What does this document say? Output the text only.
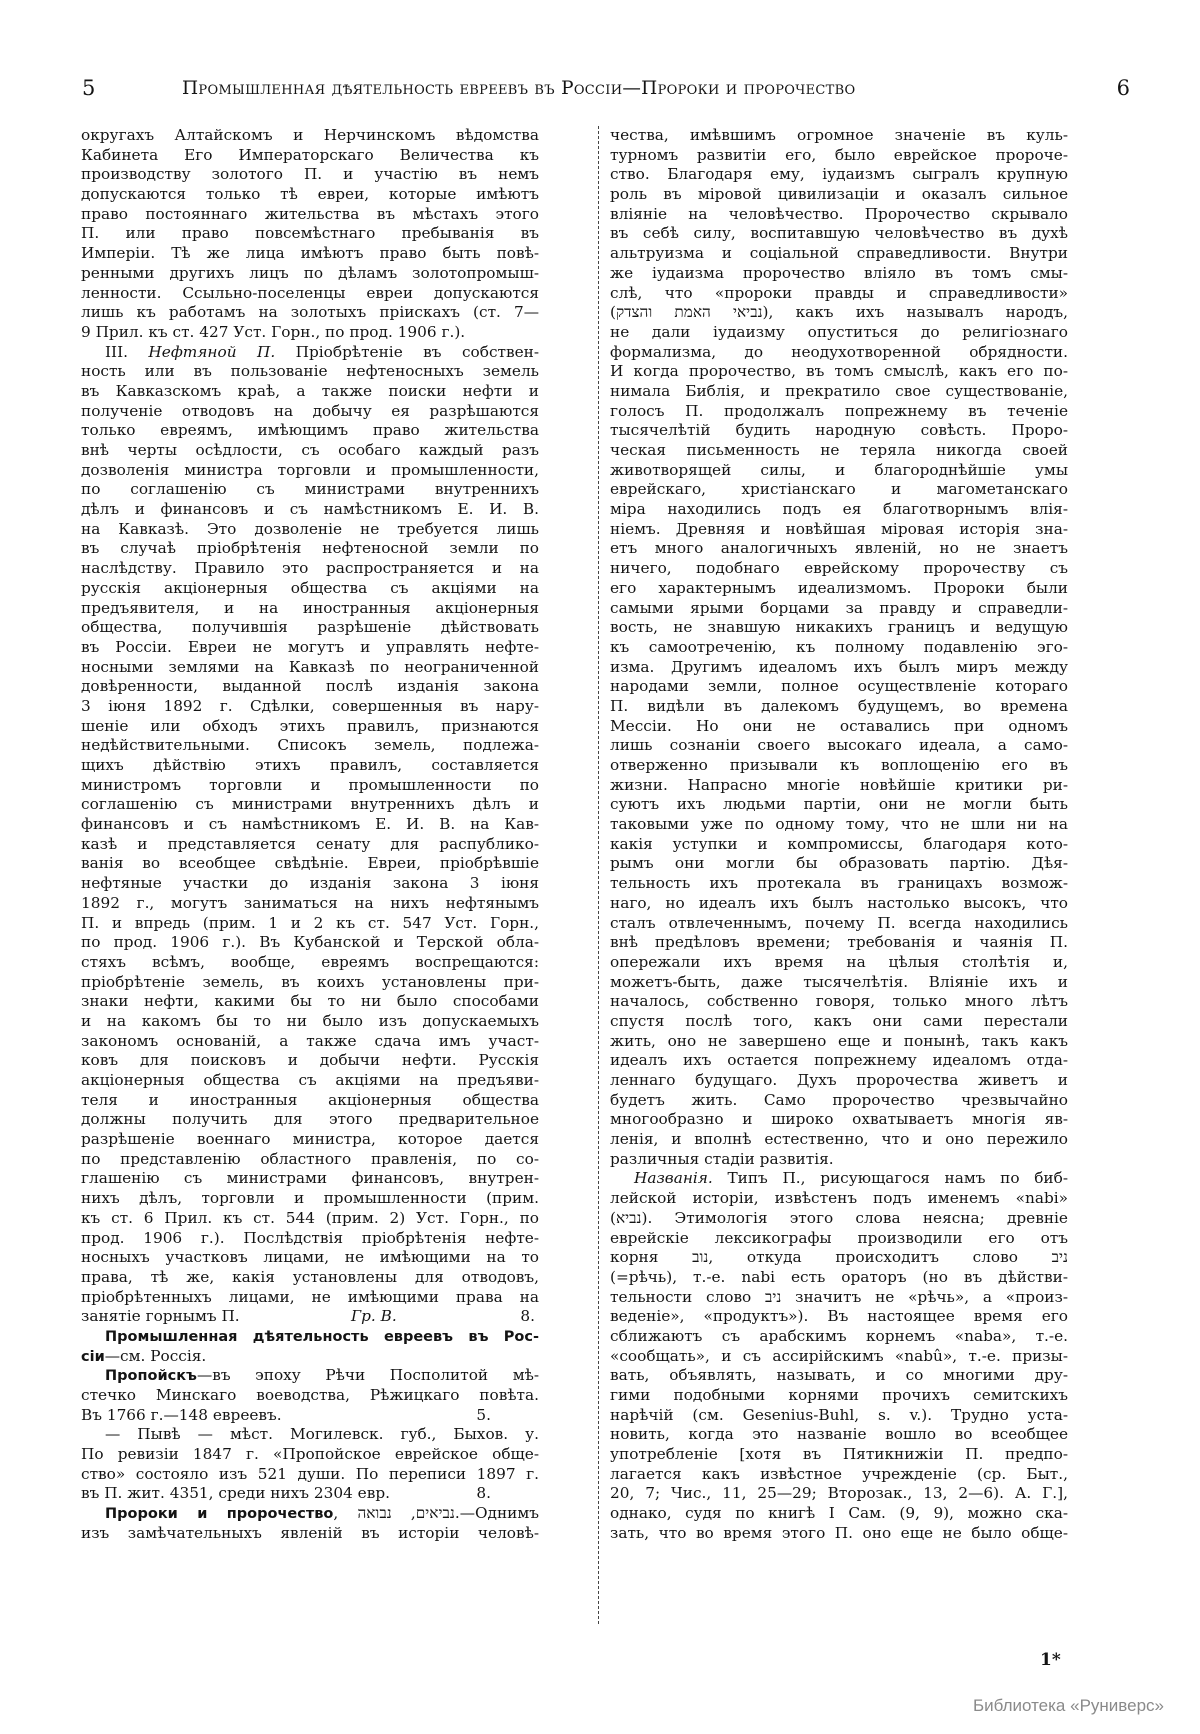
5	Промышленная дѣятельность евреевъ въ Россіи—Пророки и пророчество	6
округахъ Алтайскомъ и Нерчинскомъ вѣдомства
Кабинета Его Императорскаго Величества къ
производству золотого П. и участію въ немъ
допускаются только тѣ евреи, которые имѣютъ
право постояннаго жительства въ мѣстахъ этого
П. или право повсемѣстнаго пребыванія въ
Имперіи. Тѣ же лица имѣютъ право быть повѣ-
ренными другихъ лицъ по дѣламъ золотопромыш-
ленности. Ссыльно-поселенцы евреи допускаются
лишь къ работамъ на золотыхъ пріискахъ (ст. 7—
9 Прил. къ ст. 427 Уст. Горн., по прод. 1906 г.).
III. Нефтяной П. Пріобрѣтеніе въ собствен-
ность или въ пользованіе нефтеносныхъ земель
въ Кавказскомъ краѣ, а также поиски нефти и
полученіе отводовъ на добычу ея разрѣшаются
только евреямъ, имѣющимъ право жительства
внѣ черты осѣдлости, съ особаго каждый разъ
дозволенія министра торговли и промышленности,
по соглашенію съ министрами внутреннихъ
дѣлъ и финансовъ и съ намѣстникомъ Е. И. В.
на Кавказѣ. Это дозволеніе не требуется лишь
въ случаѣ пріобрѣтенія нефтеносной земли по
наслѣдству. Правило это распространяется и на
русскія акціонерныя общества съ акціями на
предъявителя, и на иностранныя акціонерныя
общества, получившія разрѣшеніе дѣйствовать
въ Россіи. Евреи не могутъ и управлять нефте-
носными землями на Кавказѣ по неограниченной
довѣренности, выданной послѣ изданія закона
3 іюня 1892 г. Сдѣлки, совершенныя въ нару-
шеніе или обходъ этихъ правилъ, признаются
недѣйствительными. Списокъ земель, подлежа-
щихъ дѣйствію этихъ правилъ, составляется
министромъ торговли и промышленности по
соглашенію съ министрами внутреннихъ дѣлъ и
финансовъ и съ намѣстникомъ Е. И. В. на Кав-
казѣ и представляется сенату для распублико-
ванія во всеобщее свѣдѣніе. Евреи, пріобрѣвшіе
нефтяные участки до изданія закона 3 іюня
1892 г., могутъ заниматься на нихъ нефтянымъ
П. и впредь (прим. 1 и 2 къ ст. 547 Уст. Горн.,
по прод. 1906 г.). Въ Кубанской и Терской обла-
стяхъ всѣмъ, вообще, евреямъ воспрещаются:
пріобрѣтеніе земель, въ коихъ установлены при-
знаки нефти, какими бы то ни было способами
и на какомъ бы то ни было изъ допускаемыхъ
закономъ основаній, а также сдача имъ участ-
ковъ для поисковъ и добычи нефти. Русскія
акціонерныя общества съ акціями на предъяви-
теля и иностранныя акціонерныя общества
должны получить для этого предварительное
разрѣшеніе военнаго министра, которое дается
по представленію областного правленія, по со-
глашенію съ министрами финансовъ, внутрен-
нихъ дѣлъ, торговли и промышленности (прим.
къ ст. 6 Прил. къ ст. 544 (прим. 2) Уст. Горн., по
прод. 1906 г.). Послѣдствія пріобрѣтенія нефте-
носныхъ участковъ лицами, не имѣющими на то
права, тѣ же, какія установлены для отводовъ,
пріобрѣтенныхъ лицами, не имѣющими права на
занятіе горнымъ П.	Гр. В.	8.
Промышленная дѣятельность евреевъ въ Рос-
сіи—см. Россія.
Пропойскъ—въ эпоху Рѣчи Посполитой мѣ-
стечко Минскаго воеводства, Рѣжицкаго повѣта.
Въ 1766 г.—148 евреевъ.	5.
— Пывѣ — мѣст. Могилевск. губ., Быхов. у.
По ревизіи 1847 г. «Пропойское еврейское обще-
ство» состояло изъ 521 души. По переписи 1897 г.
въ П. жит. 4351, среди нихъ 2304 евр.	8.
Пророки и пророчество, נביאים, נבואה.—Однимъ
изъ замѣчательныхъ явленій въ исторіи человѣ-
чества, имѣвшимъ огромное значеніе въ куль-
турномъ развитіи его, было еврейское пророче-
ство. Благодаря ему, іудаизмъ сыгралъ крупную
роль въ міровой цивилизаціи и оказалъ сильное
вліяніе на человѣчество. Пророчество скрывало
въ себѣ силу, воспитавшую человѣчество въ духѣ
альтруизма и соціальной справедливости. Внутри
же іудаизма пророчество вліяло въ томъ смы-
слѣ, что «пророки правды и справедливости»
(נביאי האמת והצדק), какъ ихъ называлъ народъ,
не дали іудаизму опуститься до религіознаго
формализма, до неодухотворенной обрядности.
И когда пророчество, въ томъ смыслѣ, какъ его по-
нимала Библія, и прекратило свое существованіе,
голосъ П. продолжалъ попрежнему въ теченіе
тысячелѣтій будить народную совѣсть. Проро-
ческая письменность не теряла никогда своей
животворящей силы, и благороднѣйшіе умы
еврейскаго, христіанскаго и магометанскаго
міра находились подъ ея благотворнымъ влія-
ніемъ. Древняя и новѣйшая міровая исторія зна-
етъ много аналогичныхъ явленій, но не знаетъ
ничего, подобнаго еврейскому пророчеству съ
его характернымъ идеализмомъ. Пророки были
самыми ярыми борцами за правду и справедли-
вость, не знавшую никакихъ границъ и ведущую
къ самоотреченію, къ полному подавленію эго-
изма. Другимъ идеаломъ ихъ былъ миръ между
народами земли, полное осуществленіе котораго
П. видѣли въ далекомъ будущемъ, во времена
Мессіи. Но они не оставались при одномъ
лишь сознаніи своего высокаго идеала, а само-
отверженно призывали къ воплощенію его въ
жизни. Напрасно многіе новѣйшіе критики ри-
суютъ ихъ людьми партіи, они не могли быть
таковыми уже по одному тому, что не шли ни на
какія уступки и компромиссы, благодаря кото-
рымъ они могли бы образовать партію. Дѣя-
тельность ихъ протекала въ границахъ возмож-
наго, но идеалъ ихъ былъ настолько высокъ, что
сталъ отвлеченнымъ, почему П. всегда находились
внѣ предѣловъ времени; требованія и чаянія П.
опережали ихъ время на цѣлыя столѣтія и,
можетъ-быть, даже тысячелѣтія. Вліяніе ихъ и
началось, собственно говоря, только много лѣтъ
спустя послѣ того, какъ они сами перестали
жить, оно не завершено еще и понынѣ, такъ какъ
идеалъ ихъ остается попрежнему идеаломъ отда-
леннаго будущаго. Духъ пророчества живетъ и
будетъ жить. Само пророчество чрезвычайно
многообразно и широко охватываетъ многія яв-
ленія, и вполнѣ естественно, что и оно пережило
различныя стадіи развитія.
Названія. Типъ П., рисующагося намъ по биб-
лейской исторіи, извѣстенъ подъ именемъ «nabi»
(נביא). Этимологія этого слова неясна; древніе
еврейскіе лексикографы производили его отъ
корня נוב, откуда происходитъ слово ניב
(=рѣчь), т.-е. nabi есть ораторъ (но въ дѣйстви-
тельности слово ניב значитъ не «рѣчь», а «произ-
веденіе», «продуктъ»). Въ настоящее время его
сближаютъ съ арабскимъ корнемъ «naba», т.-е.
«сообщать», и съ ассирійскимъ «nabû», т.-е. призы-
вать, объявлять, называть, и со многими дру-
гими подобными корнями прочихъ семитскихъ
нарѣчій (см. Gesenius-Buhl, s. v.). Трудно уста-
новить, когда это названіе вошло во всеобщее
употребленіе [хотя въ Пятикнижіи П. предпо-
лагается какъ извѣстное учрежденіе (ср. Быт.,
20, 7; Чис., 11, 25—29; Второзак., 13, 2—6). А. Г.],
однако, судя по книгѣ I Сам. (9, 9), можно ска-
зать, что во время этого П. оно еще не было обще-
1*
Библиотека «Руниверс»
